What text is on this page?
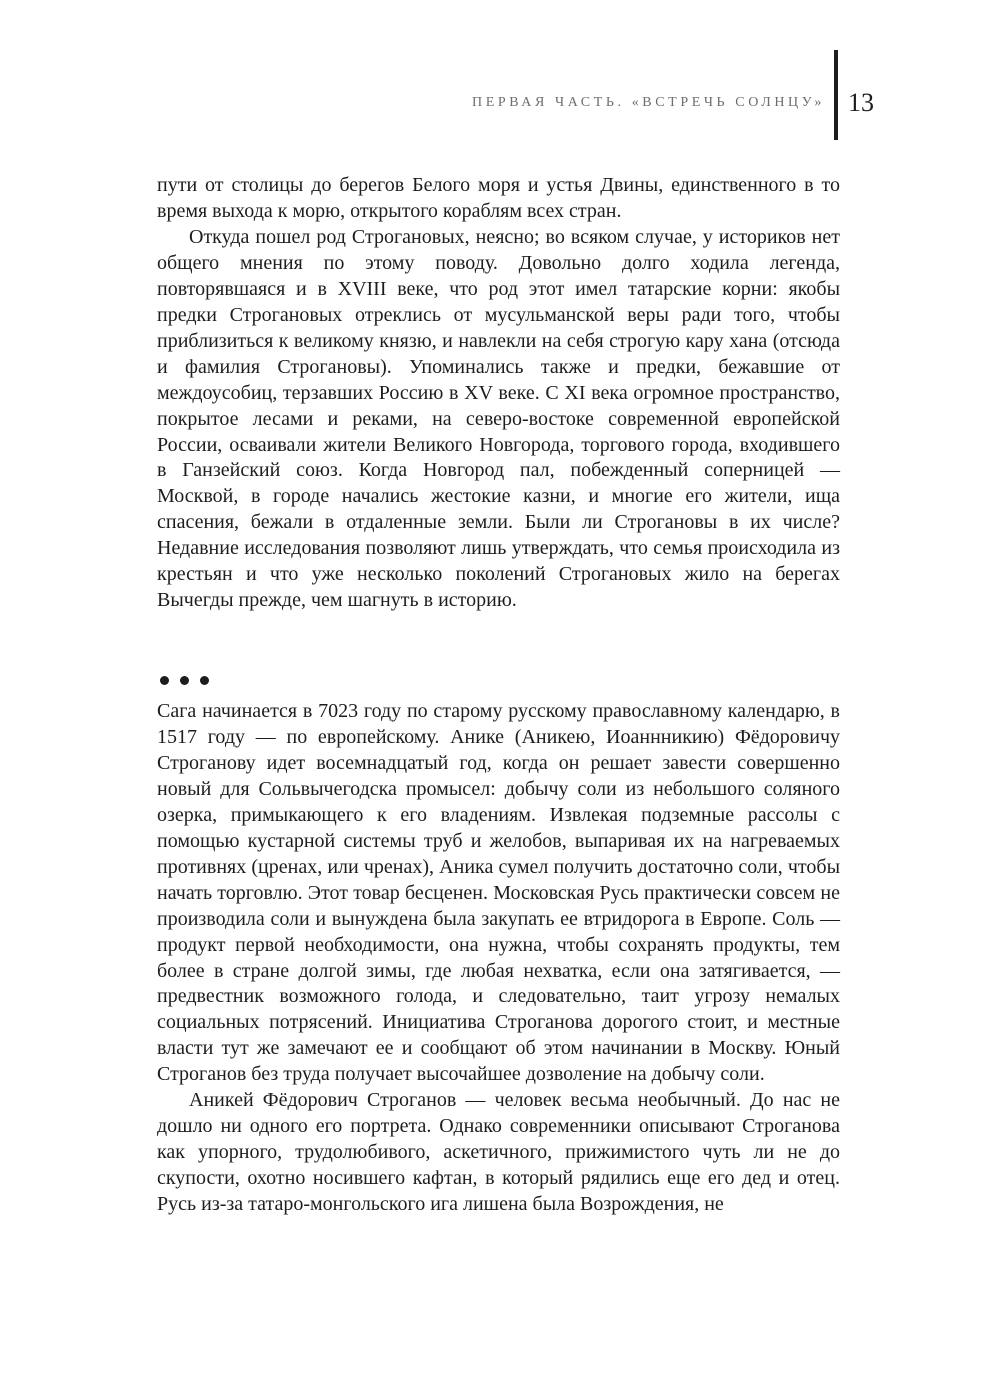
ПЕРВАЯ ЧАСТЬ. «ВСТРЕЧЬ СОЛНЦУ» 13

пути от столицы до берегов Белого моря и устья Двины, единственного в то время выхода к морю, открытого кораблям всех стран.

Откуда пошел род Строгановых, неясно; во всяком случае, у историков нет общего мнения по этому поводу. Довольно долго ходила легенда, повторявшаяся и в XVIII веке, что род этот имел татарские корни: якобы предки Строгановых отреклись от мусульманской веры ради того, чтобы приблизиться к великому князю, и навлекли на себя строгую кару хана (отсюда и фамилия Строгановы). Упоминались также и предки, бежавшие от междоусобиц, терзавших Россию в XV веке. С XI века огромное пространство, покрытое лесами и реками, на северо-востоке современной европейской России, осваивали жители Великого Новгорода, торгового города, входившего в Ганзейский союз. Когда Новгород пал, побежденный соперницей — Москвой, в городе начались жестокие казни, и многие его жители, ища спасения, бежали в отдаленные земли. Были ли Строгановы в их числе? Недавние исследования позволяют лишь утверждать, что семья происходила из крестьян и что уже несколько поколений Строгановых жило на берегах Вычегды прежде, чем шагнуть в историю.

Сага начинается в 7023 году по старому русскому православному календарю, в 1517 году — по европейскому. Анике (Аникею, Иоаннникию) Фёдоровичу Строганову идет восемнадцатый год, когда он решает завести совершенно новый для Сольвычегодска промысел: добычу соли из небольшого соляного озерка, примыкающего к его владениям. Извлекая подземные рассолы с помощью кустарной системы труб и желобов, выпаривая их на нагреваемых противнях (цренах, или чренах), Аника сумел получить достаточно соли, чтобы начать торговлю. Этот товар бесценен. Московская Русь практически совсем не производила соли и вынуждена была закупать ее втридорога в Европе. Соль — продукт первой необходимости, она нужна, чтобы сохранять продукты, тем более в стране долгой зимы, где любая нехватка, если она затягивается, — предвестник возможного голода, и следовательно, таит угрозу немалых социальных потрясений. Инициатива Строганова дорогого стоит, и местные власти тут же замечают ее и сообщают об этом начинании в Москву. Юный Строганов без труда получает высочайшее дозволение на добычу соли.

Аникей Фёдорович Строганов — человек весьма необычный. До нас не дошло ни одного его портрета. Однако современники описывают Строганова как упорного, трудолюбивого, аскетичного, прижимистого чуть ли не до скупости, охотно носившего кафтан, в который рядились еще его дед и отец. Русь из-за татаро-монгольского ига лишена была Возрождения, не
